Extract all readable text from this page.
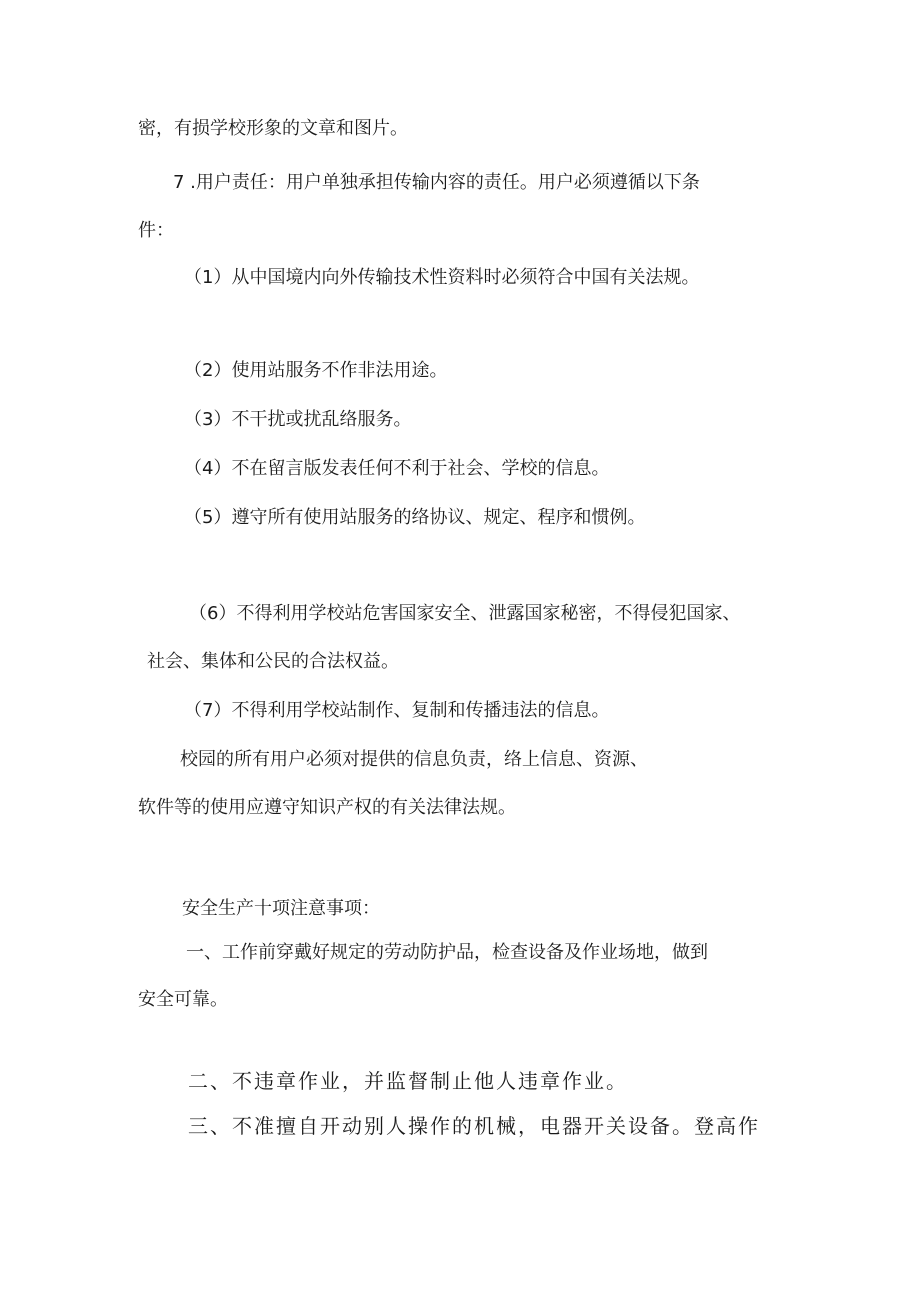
密，有损学校形象的文章和图片。
7 .用户责任：用户单独承担传输内容的责任。用户必须遵循以下条
件：
（1）从中国境内向外传输技术性资料时必须符合中国有关法规。
（2）使用站服务不作非法用途。
（3）不干扰或扰乱络服务。
（4）不在留言版发表任何不利于社会、学校的信息。
（5）遵守所有使用站服务的络协议、规定、程序和惯例。
（6）不得利用学校站危害国家安全、泄露国家秘密，不得侵犯国家、
社会、集体和公民的合法权益。
（7）不得利用学校站制作、复制和传播违法的信息。
校园的所有用户必须对提供的信息负责，络上信息、资源、
软件等的使用应遵守知识产权的有关法律法规。
安全生产十项注意事项：
一、工作前穿戴好规定的劳动防护品，检查设备及作业场地，做到
安全可靠。
二、不违章作业，并监督制止他人违章作业。
三、不准擅自开动别人操作的机械，电器开关设备。登高作
